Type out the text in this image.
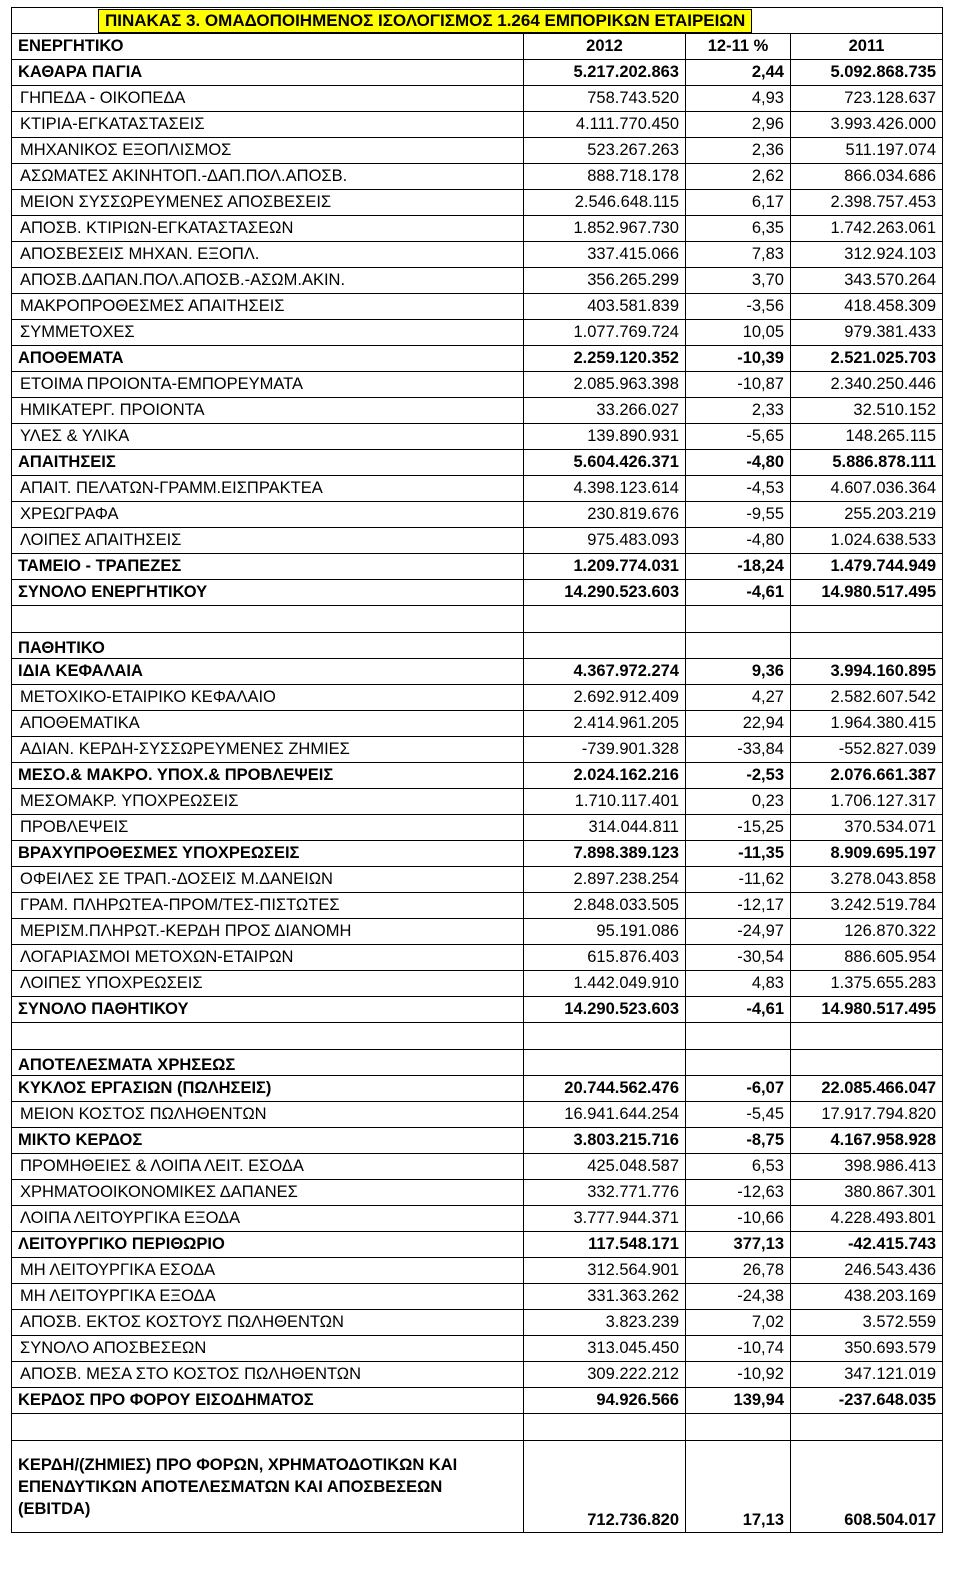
ΠΙΝΑΚΑΣ 3. ΟΜΑΔΟΠΟΙΗΜΕΝΟΣ ΙΣΟΛΟΓΙΣΜΟΣ 1.264 ΕΜΠΟΡΙΚΩΝ ΕΤΑΙΡΕΙΩΝ			
ΕΝΕΡΓΗΤΙΚΟ	2012	12-11 %	2011
ΚΑΘΑΡΑ ΠΑΓΙΑ	5.217.202.863	2,44	5.092.868.735
ΓΗΠΕΔΑ - ΟΙΚΟΠΕΔΑ	758.743.520	4,93	723.128.637
ΚΤΙΡΙΑ-ΕΓΚΑΤΑΣΤΑΣΕΙΣ	4.111.770.450	2,96	3.993.426.000
ΜΗΧΑΝΙΚΟΣ ΕΞΟΠΛΙΣΜΟΣ	523.267.263	2,36	511.197.074
ΑΣΩΜΑΤΕΣ ΑΚΙΝΗΤΟΠ.-ΔΑΠ.ΠΟΛ.ΑΠΟΣΒ.	888.718.178	2,62	866.034.686
ΜΕΙΟΝ ΣΥΣΣΩΡΕΥΜΕΝΕΣ ΑΠΟΣΒΕΣΕΙΣ	2.546.648.115	6,17	2.398.757.453
ΑΠΟΣΒ. ΚΤΙΡΙΩΝ-ΕΓΚΑΤΑΣΤΑΣΕΩΝ	1.852.967.730	6,35	1.742.263.061
ΑΠΟΣΒΕΣΕΙΣ ΜΗΧΑΝ. ΕΞΟΠΛ.	337.415.066	7,83	312.924.103
ΑΠΟΣΒ.ΔΑΠΑΝ.ΠΟΛ.ΑΠΟΣΒ.-ΑΣΩΜ.ΑΚΙΝ.	356.265.299	3,70	343.570.264
ΜΑΚΡΟΠΡΟΘΕΣΜΕΣ ΑΠΑΙΤΗΣΕΙΣ	403.581.839	-3,56	418.458.309
ΣΥΜΜΕΤΟΧΕΣ	1.077.769.724	10,05	979.381.433
ΑΠΟΘΕΜΑΤΑ	2.259.120.352	-10,39	2.521.025.703
ΕΤΟΙΜΑ ΠΡΟΙΟΝΤΑ-ΕΜΠΟΡΕΥΜΑΤΑ	2.085.963.398	-10,87	2.340.250.446
ΗΜΙΚΑΤΕΡΓ. ΠΡΟΙΟΝΤΑ	33.266.027	2,33	32.510.152
ΥΛΕΣ & ΥΛΙΚΑ	139.890.931	-5,65	148.265.115
ΑΠΑΙΤΗΣΕΙΣ	5.604.426.371	-4,80	5.886.878.111
ΑΠΑΙΤ. ΠΕΛΑΤΩΝ-ΓΡΑΜΜ.ΕΙΣΠΡΑΚΤΕΑ	4.398.123.614	-4,53	4.607.036.364
ΧΡΕΩΓΡΑΦΑ	230.819.676	-9,55	255.203.219
ΛΟΙΠΕΣ ΑΠΑΙΤΗΣΕΙΣ	975.483.093	-4,80	1.024.638.533
ΤΑΜΕΙΟ - ΤΡΑΠΕΖΕΣ	1.209.774.031	-18,24	1.479.744.949
ΣΥΝΟΛΟ ΕΝΕΡΓΗΤΙΚΟΥ	14.290.523.603	-4,61	14.980.517.495

ΠΑΘΗΤΙΚΟ			
ΙΔΙΑ ΚΕΦΑΛΑΙΑ	4.367.972.274	9,36	3.994.160.895
ΜΕΤΟΧΙΚΟ-ΕΤΑΙΡΙΚΟ ΚΕΦΑΛΑΙΟ	2.692.912.409	4,27	2.582.607.542
ΑΠΟΘΕΜΑΤΙΚΑ	2.414.961.205	22,94	1.964.380.415
ΑΔΙΑΝ. ΚΕΡΔΗ-ΣΥΣΣΩΡΕΥΜΕΝΕΣ ΖΗΜΙΕΣ	-739.901.328	-33,84	-552.827.039
ΜΕΣΟ.& ΜΑΚΡΟ. ΥΠΟΧ.& ΠΡΟΒΛΕΨΕΙΣ	2.024.162.216	-2,53	2.076.661.387
ΜΕΣΟΜΑΚΡ. ΥΠΟΧΡΕΩΣΕΙΣ	1.710.117.401	0,23	1.706.127.317
ΠΡΟΒΛΕΨΕΙΣ	314.044.811	-15,25	370.534.071
ΒΡΑΧΥΠΡΟΘΕΣΜΕΣ ΥΠΟΧΡΕΩΣΕΙΣ	7.898.389.123	-11,35	8.909.695.197
ΟΦΕΙΛΕΣ ΣΕ ΤΡΑΠ.-ΔΟΣΕΙΣ Μ.ΔΑΝΕΙΩΝ	2.897.238.254	-11,62	3.278.043.858
ΓΡΑΜ. ΠΛΗΡΩΤΕΑ-ΠΡΟΜ/ΤΕΣ-ΠΙΣΤΩΤΕΣ	2.848.033.505	-12,17	3.242.519.784
ΜΕΡΙΣΜ.ΠΛΗΡΩΤ.-ΚΕΡΔΗ ΠΡΟΣ ΔΙΑΝΟΜΗ	95.191.086	-24,97	126.870.322
ΛΟΓΑΡΙΑΣΜΟΙ ΜΕΤΟΧΩΝ-ΕΤΑΙΡΩΝ	615.876.403	-30,54	886.605.954
ΛΟΙΠΕΣ ΥΠΟΧΡΕΩΣΕΙΣ	1.442.049.910	4,83	1.375.655.283
ΣΥΝΟΛΟ ΠΑΘΗΤΙΚΟΥ	14.290.523.603	-4,61	14.980.517.495

ΑΠΟΤΕΛΕΣΜΑΤΑ ΧΡΗΣΕΩΣ			
ΚΥΚΛΟΣ ΕΡΓΑΣΙΩΝ (ΠΩΛΗΣΕΙΣ)	20.744.562.476	-6,07	22.085.466.047
ΜΕΙΟΝ ΚΟΣΤΟΣ ΠΩΛΗΘΕΝΤΩΝ	16.941.644.254	-5,45	17.917.794.820
ΜΙΚΤΟ ΚΕΡΔΟΣ	3.803.215.716	-8,75	4.167.958.928
ΠΡΟΜΗΘΕΙΕΣ & ΛΟΙΠΑ ΛΕΙΤ. ΕΣΟΔΑ	425.048.587	6,53	398.986.413
ΧΡΗΜΑΤΟΟΙΚΟΝΟΜΙΚΕΣ ΔΑΠΑΝΕΣ	332.771.776	-12,63	380.867.301
ΛΟΙΠΑ ΛΕΙΤΟΥΡΓΙΚΑ ΕΞΟΔΑ	3.777.944.371	-10,66	4.228.493.801
ΛΕΙΤΟΥΡΓΙΚΟ ΠΕΡΙΘΩΡΙΟ	117.548.171	377,13	-42.415.743
ΜΗ ΛΕΙΤΟΥΡΓΙΚΑ ΕΣΟΔΑ	312.564.901	26,78	246.543.436
ΜΗ ΛΕΙΤΟΥΡΓΙΚΑ ΕΞΟΔΑ	331.363.262	-24,38	438.203.169
ΑΠΟΣΒ. ΕΚΤΟΣ ΚΟΣΤΟΥΣ ΠΩΛΗΘΕΝΤΩΝ	3.823.239	7,02	3.572.559
ΣΥΝΟΛΟ ΑΠΟΣΒΕΣΕΩΝ	313.045.450	-10,74	350.693.579
ΑΠΟΣΒ. ΜΕΣΑ ΣΤΟ ΚΟΣΤΟΣ ΠΩΛΗΘΕΝΤΩΝ	309.222.212	-10,92	347.121.019
ΚΕΡΔΟΣ ΠΡΟ ΦΟΡΟΥ ΕΙΣΟΔΗΜΑΤΟΣ	94.926.566	139,94	-237.648.035

ΚΕΡΔΗ/(ΖΗΜΙΕΣ) ΠΡΟ ΦΟΡΩΝ, ΧΡΗΜΑΤΟΔΟΤΙΚΩΝ ΚΑΙ ΕΠΕΝΔΥΤΙΚΩΝ ΑΠΟΤΕΛΕΣΜΑΤΩΝ ΚΑΙ ΑΠΟΣΒΕΣΕΩΝ (EBITDA)	712.736.820	17,13	608.504.017
